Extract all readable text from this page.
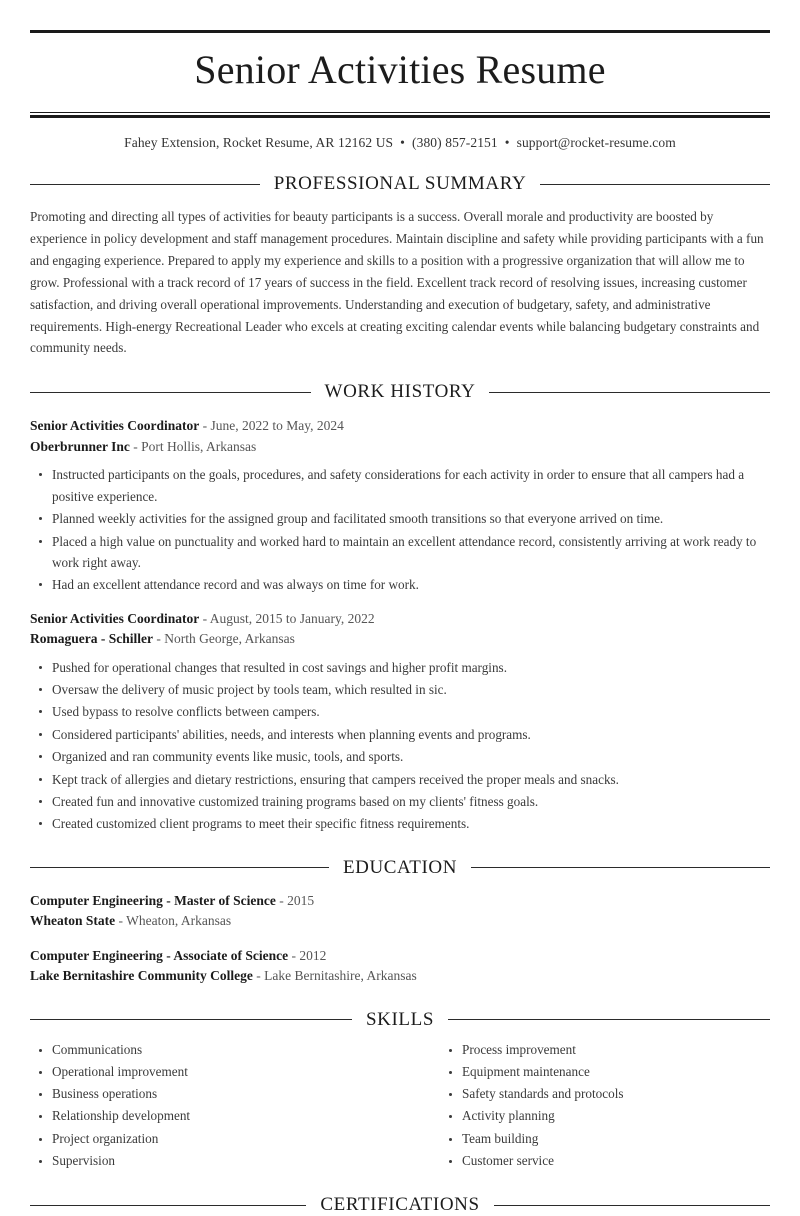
Senior Activities Resume
Fahey Extension, Rocket Resume, AR 12162 US • (380) 857-2151 • support@rocket-resume.com
PROFESSIONAL SUMMARY

Promoting and directing all types of activities for beauty participants is a success. Overall morale and productivity are boosted by experience in policy development and staff management procedures. Maintain discipline and safety while providing participants with a fun and engaging experience. Prepared to apply my experience and skills to a position with a progressive organization that will allow me to grow. Professional with a track record of 17 years of success in the field. Excellent track record of resolving issues, increasing customer satisfaction, and driving overall operational improvements. Understanding and execution of budgetary, safety, and administrative requirements. High-energy Recreational Leader who excels at creating exciting calendar events while balancing budgetary constraints and community needs.

WORK HISTORY
Senior Activities Coordinator - June, 2022 to May, 2024
Oberbrunner Inc - Port Hollis, Arkansas
Instructed participants on the goals, procedures, and safety considerations for each activity in order to ensure that all campers had a positive experience.
Planned weekly activities for the assigned group and facilitated smooth transitions so that everyone arrived on time.
Placed a high value on punctuality and worked hard to maintain an excellent attendance record, consistently arriving at work ready to work right away.
Had an excellent attendance record and was always on time for work.
Senior Activities Coordinator - August, 2015 to January, 2022
Romaguera - Schiller - North George, Arkansas
Pushed for operational changes that resulted in cost savings and higher profit margins.
Oversaw the delivery of music project by tools team, which resulted in sic.
Used bypass to resolve conflicts between campers.
Considered participants' abilities, needs, and interests when planning events and programs.
Organized and ran community events like music, tools, and sports.
Kept track of allergies and dietary restrictions, ensuring that campers received the proper meals and snacks.
Created fun and innovative customized training programs based on my clients' fitness goals.
Created customized client programs to meet their specific fitness requirements.
EDUCATION
Computer Engineering - Master of Science - 2015
Wheaton State - Wheaton, Arkansas
Computer Engineering - Associate of Science - 2012
Lake Bernitashire Community College - Lake Bernitashire, Arkansas
SKILLS
Communications
Operational improvement
Business operations
Relationship development
Project organization
Supervision
Process improvement
Equipment maintenance
Safety standards and protocols
Activity planning
Team building
Customer service
CERTIFICATIONS
